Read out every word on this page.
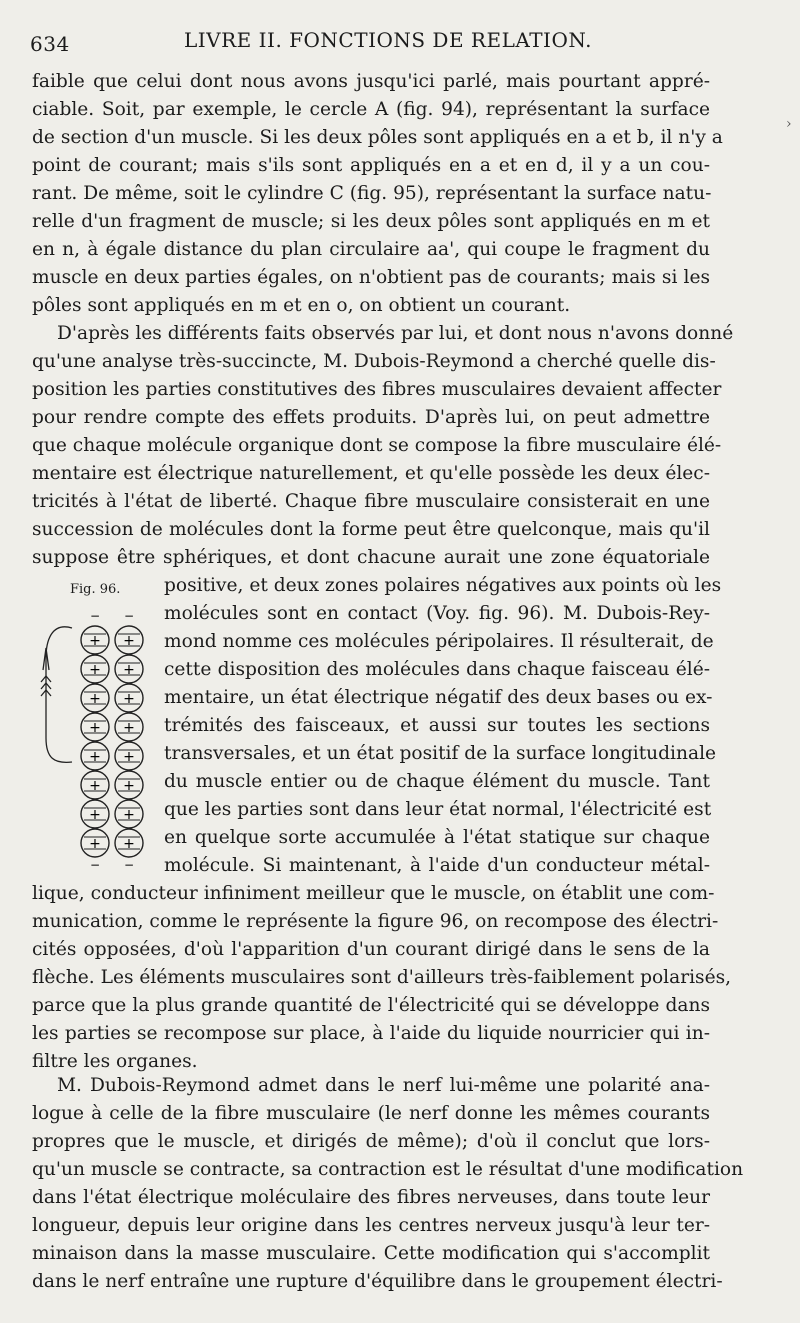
634	LIVRE II. FONCTIONS DE RELATION.
faible que celui dont nous avons jusqu'ici parlé, mais pourtant appré-
ciable. Soit, par exemple, le cercle A (fig. 94), représentant la surface
de section d'un muscle. Si les deux pôles sont appliqués en a et b, il n'y a
point de courant; mais s'ils sont appliqués en a et en d, il y a un cou-
rant. De même, soit le cylindre C (fig. 95), représentant la surface natu-
relle d'un fragment de muscle; si les deux pôles sont appliqués en m et
en n, à égale distance du plan circulaire aa', qui coupe le fragment du
muscle en deux parties égales, on n'obtient pas de courants; mais si les
pôles sont appliqués en m et en o, on obtient un courant.
D'après les différents faits observés par lui, et dont nous n'avons donné
qu'une analyse très-succincte, M. Dubois-Reymond a cherché quelle dis-
position les parties constitutives des fibres musculaires devaient affecter
pour rendre compte des effets produits. D'après lui, on peut admettre
que chaque molécule organique dont se compose la fibre musculaire élé-
mentaire est électrique naturellement, et qu'elle possède les deux élec-
tricités à l'état de liberté. Chaque fibre musculaire consisterait en une
succession de molécules dont la forme peut être quelconque, mais qu'il
suppose être sphériques, et dont chacune aurait une zone équatoriale
positive, et deux zones polaires négatives aux points où les
molécules sont en contact (Voy. fig. 96). M. Dubois-Rey-
mond nomme ces molécules péripolaires. Il résulterait, de
cette disposition des molécules dans chaque faisceau élé-
mentaire, un état électrique négatif des deux bases ou ex-
trémités des faisceaux, et aussi sur toutes les sections
transversales, et un état positif de la surface longitudinale
du muscle entier ou de chaque élément du muscle. Tant
que les parties sont dans leur état normal, l'électricité est
en quelque sorte accumulée à l'état statique sur chaque
molécule. Si maintenant, à l'aide d'un conducteur métal-
lique, conducteur infiniment meilleur que le muscle, on établit une com-
munication, comme le représente la figure 96, on recompose des électri-
cités opposées, d'où l'apparition d'un courant dirigé dans le sens de la
flèche. Les éléments musculaires sont d'ailleurs très-faiblement polarisés,
parce que la plus grande quantité de l'électricité qui se développe dans
les parties se recompose sur place, à l'aide du liquide nourricier qui in-
filtre les organes.
M. Dubois-Reymond admet dans le nerf lui-même une polarité ana-
logue à celle de la fibre musculaire (le nerf donne les mêmes courants
propres que le muscle, et dirigés de même); d'où il conclut que lors-
qu'un muscle se contracte, sa contraction est le résultat d'une modification
dans l'état électrique moléculaire des fibres nerveuses, dans toute leur
longueur, depuis leur origine dans les centres nerveux jusqu'à leur ter-
minaison dans la masse musculaire. Cette modification qui s'accomplit
dans le nerf entraîne une rupture d'équilibre dans le groupement électri-
Fig. 96.
+
+
+
+
+
+
+
+
−
−
+
+
+
+
+
+
+
+
−
−
›
